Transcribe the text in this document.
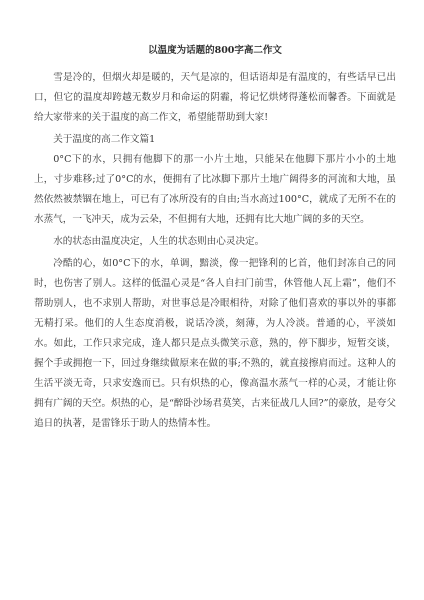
以温度为话题的800字高二作文

雪是冷的，但烟火却是暖的，天气是凉的，但话语却是有温度的，有些话早已出口，但它的温度却跨越无数岁月和命运的阴霾，将记忆烘烤得蓬松而馨香。下面就是给大家带来的关于温度的高二作文，希望能帮助到大家!

关于温度的高二作文篇1

0°C下的水，只拥有他脚下的那一小片土地，只能呆在他脚下那片小小的土地上，寸步难移;过了0°C的水，便拥有了比冰脚下那片土地广阔得多的河流和大地，虽然依然被禁锢在地上，可已有了冰所没有的自由;当水高过100°C，就成了无所不在的水蒸气，一飞冲天，成为云朵，不但拥有大地，还拥有比大地广阔的多的天空。

水的状态由温度决定，人生的状态则由心灵决定。

冷酷的心，如0°C下的水，单调，黯淡，像一把锋利的匕首，他们封冻自己的同时，也伤害了别人。这样的低温心灵是“各人自扫门前雪，休管他人瓦上霜”，他们不帮助别人，也不求别人帮助，对世事总是冷眼相待，对除了他们喜欢的事以外的事都无精打采。他们的人生态度消极，说话冷淡，刻薄，为人冷淡。普通的心，平淡如水。如此，工作只求完成，逢人都只是点头微笑示意，熟的，停下脚步，短暂交谈，握个手或拥抱一下，回过身继续做原来在做的事;不熟的，就直接擦肩而过。这种人的生活平淡无奇，只求安逸而已。只有炽热的心，像高温水蒸气一样的心灵，才能让你拥有广阔的天空。炽热的心，是“醉卧沙场君莫笑，古来征战几人回?”的豪放，是夸父追日的执著，是雷锋乐于助人的热情本性。
